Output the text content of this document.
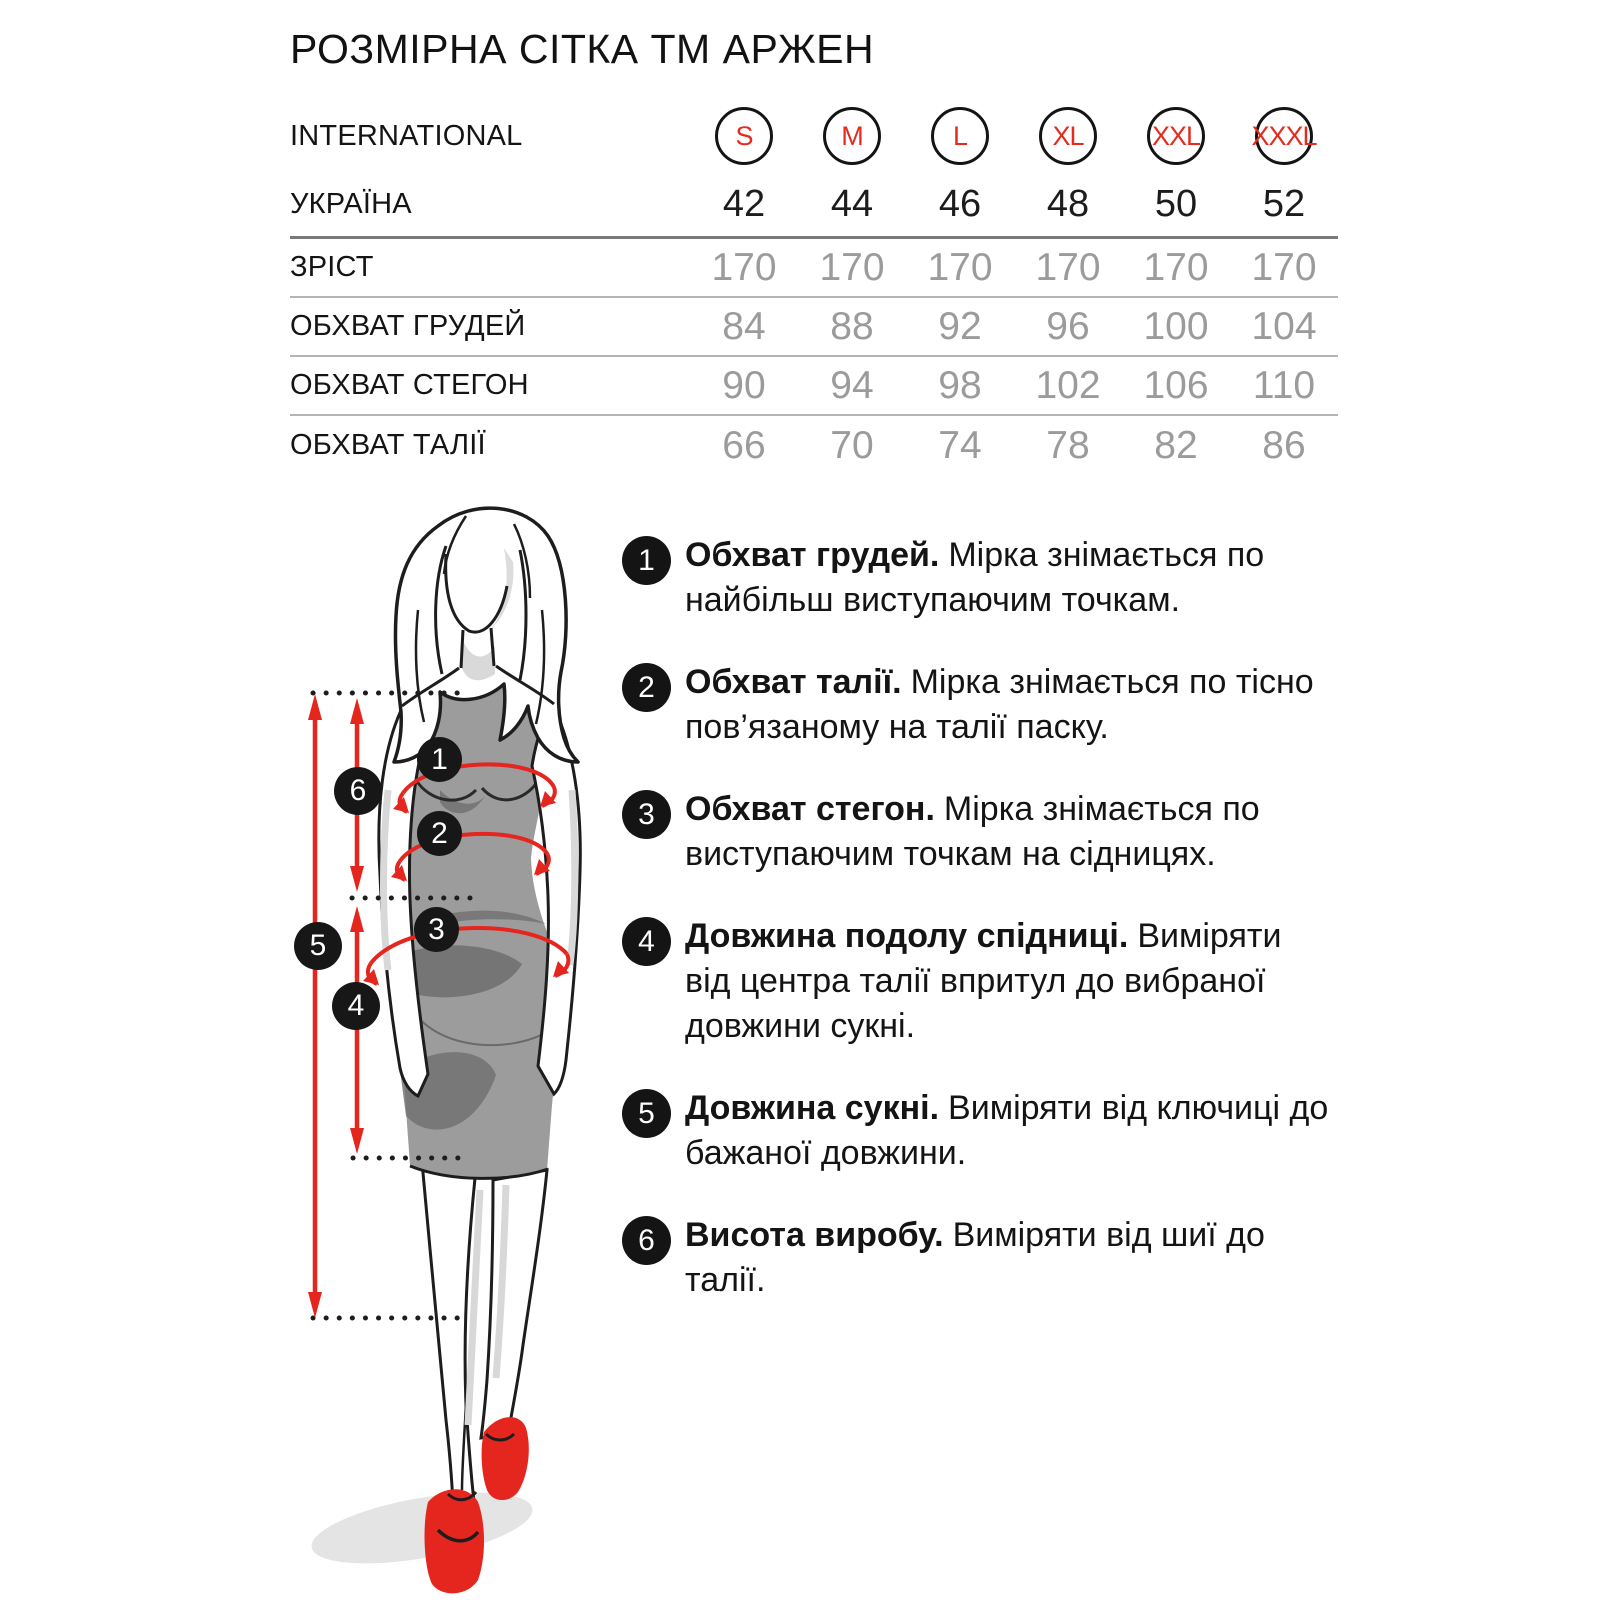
РОЗМІРНА СІТКА ТМ АРЖЕН
INTERNATIONAL	S	M	L	XL	XXL XXXL
УКРАЇНА	42	44	46	48	50	52
ЗРІСТ	170	170	170	170	170	170
ОБХВАТ ГРУДЕЙ	84	88	92	96	100	104
ОБХВАТ СТЕГОН	90	94	98	102	106	110
ОБХВАТ ТАЛІЇ	66	70	74	78	82	86
1
2
3
4
5
6
1 Обхват грудей. Мірка знімається по найбільш виступаючим точкам.

2 Обхват талії. Мірка знімається по тісно пов’язаному на талії паску.

3 Обхват стегон. Мірка знімається по виступаючим точкам на сідницях.

4 Довжина подолу спідниці. Виміряти від центра талії впритул до вибраної довжини сукні.

5 Довжина сукні. Виміряти від ключиці до бажаної довжини.

6 Висота виробу. Виміряти від шиї до талії.
